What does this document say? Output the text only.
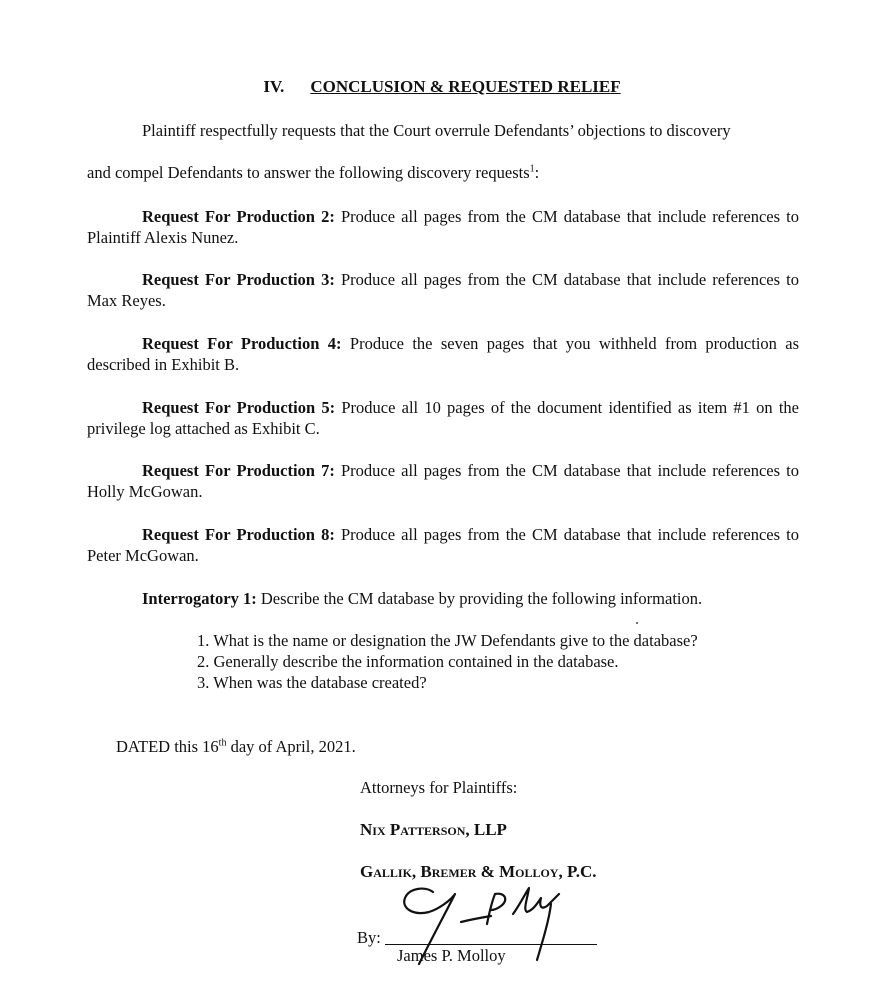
IV. CONCLUSION & REQUESTED RELIEF

Plaintiff respectfully requests that the Court overrule Defendants’ objections to discovery

and compel Defendants to answer the following discovery requests$^1$:

Request For Production 2: Produce all pages from the CM database that include references to Plaintiff Alexis Nunez.

Request For Production 3: Produce all pages from the CM database that include references to Max Reyes.

Request For Production 4: Produce the seven pages that you withheld from production as described in Exhibit B.

Request For Production 5: Produce all 10 pages of the document identified as item #1 on the privilege log attached as Exhibit C.

Request For Production 7: Produce all pages from the CM database that include references to Holly McGowan.

Request For Production 8: Produce all pages from the CM database that include references to Peter McGowan.

Interrogatory 1: Describe the CM database by providing the following information.

1. What is the name or designation the JW Defendants give to the database?
2. Generally describe the information contained in the database.
3. When was the database created?

DATED this 16th day of April, 2021.

Attorneys for Plaintiffs:

Nix Patterson, LLP

Gallik, Bremer & Molloy, P.C.

By:

James P. Molloy
